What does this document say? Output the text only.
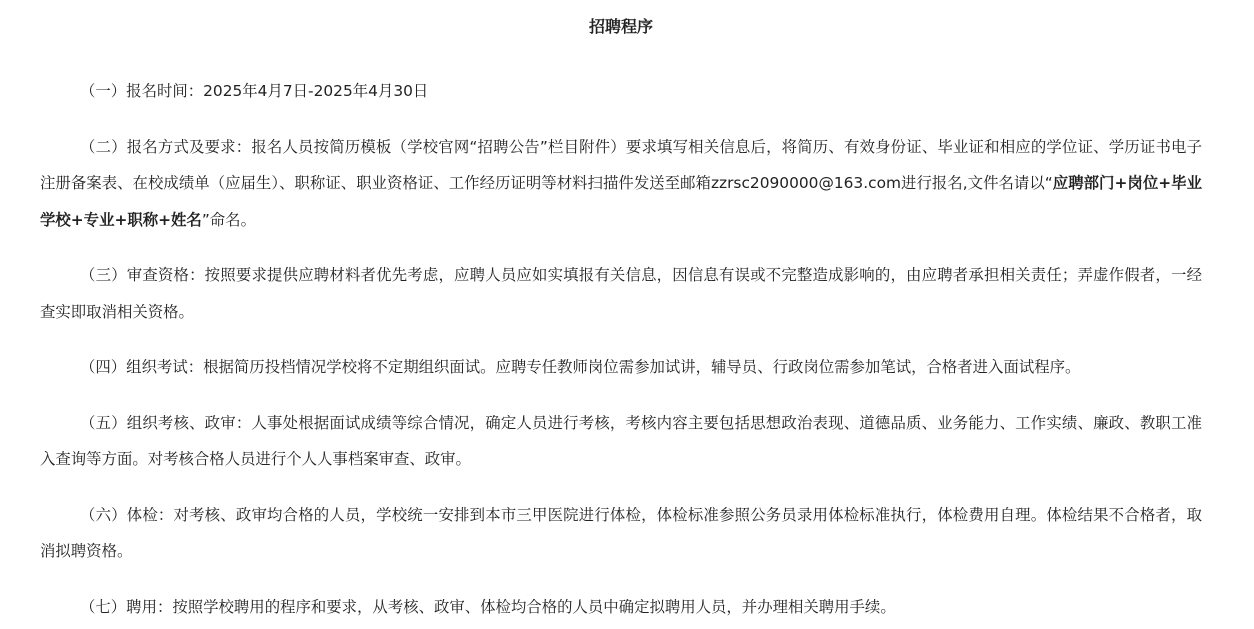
招聘程序

（一）报名时间：2025年4月7日-2025年4月30日

（二）报名方式及要求：报名人员按简历模板（学校官网“招聘公告”栏目附件）要求填写相关信息后，将简历、有效身份证、毕业证和相应的学位证、学历证书电子注册备案表、在校成绩单（应届生）、职称证、职业资格证、工作经历证明等材料扫描件发送至邮箱zzrsc2090000@163.com进行报名,文件名请以“应聘部门+岗位+毕业学校+专业+职称+姓名”命名。

（三）审查资格：按照要求提供应聘材料者优先考虑，应聘人员应如实填报有关信息，因信息有误或不完整造成影响的，由应聘者承担相关责任；弄虚作假者，一经查实即取消相关资格。

（四）组织考试：根据简历投档情况学校将不定期组织面试。应聘专任教师岗位需参加试讲，辅导员、行政岗位需参加笔试，合格者进入面试程序。

（五）组织考核、政审：人事处根据面试成绩等综合情况，确定人员进行考核，考核内容主要包括思想政治表现、道德品质、业务能力、工作实绩、廉政、教职工准入查询等方面。对考核合格人员进行个人人事档案审查、政审。

（六）体检：对考核、政审均合格的人员，学校统一安排到本市三甲医院进行体检，体检标准参照公务员录用体检标准执行，体检费用自理。体检结果不合格者，取消拟聘资格。

（七）聘用：按照学校聘用的程序和要求，从考核、政审、体检均合格的人员中确定拟聘用人员，并办理相关聘用手续。
